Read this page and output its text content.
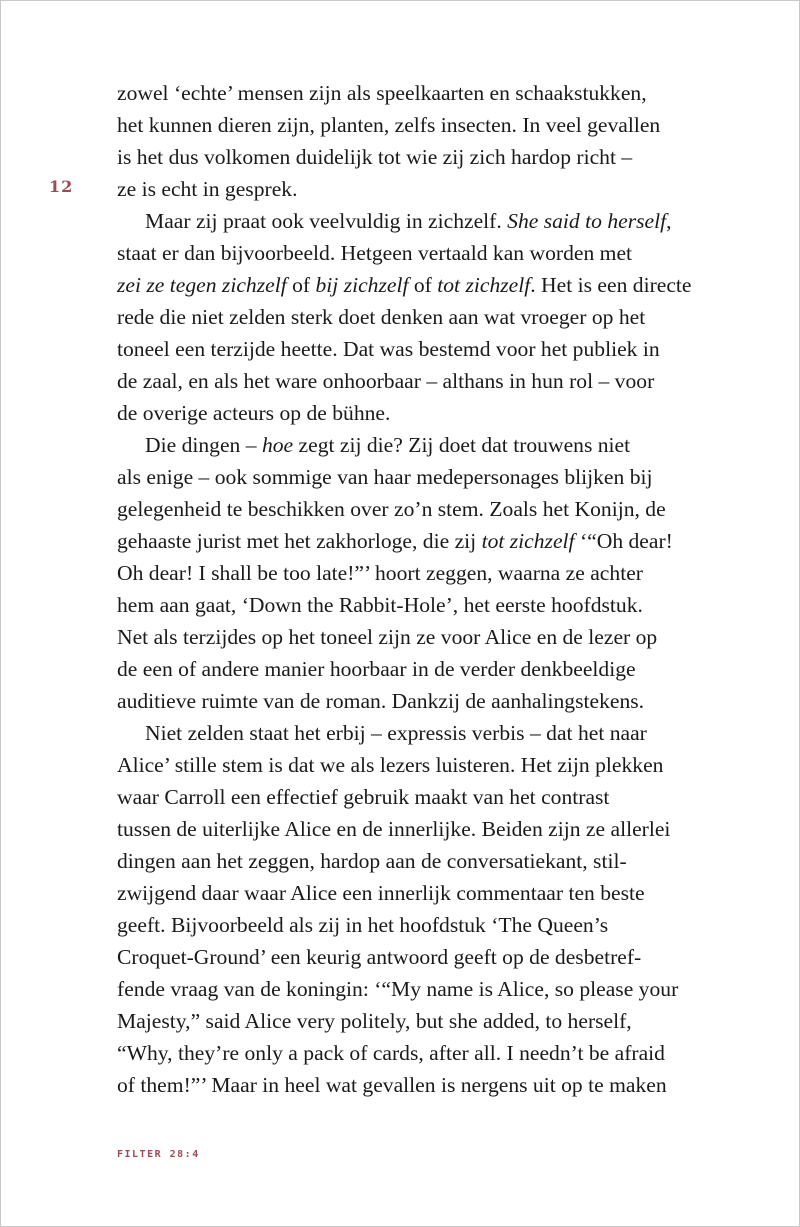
12
zowel ‘echte’ mensen zijn als speelkaarten en schaakstukken,
het kunnen dieren zijn, planten, zelfs insecten. In veel gevallen
is het dus volkomen duidelijk tot wie zij zich hardop richt –
ze is echt in gesprek.
Maar zij praat ook veelvuldig in zichzelf. She said to herself,
staat er dan bijvoorbeeld. Hetgeen vertaald kan worden met
zei ze tegen zichzelf of bij zichzelf of tot zichzelf. Het is een directe
rede die niet zelden sterk doet denken aan wat vroeger op het
toneel een terzijde heette. Dat was bestemd voor het publiek in
de zaal, en als het ware onhoorbaar – althans in hun rol – voor
de overige acteurs op de bühne.
Die dingen – hoe zegt zij die? Zij doet dat trouwens niet
als enige – ook sommige van haar medepersonages blijken bij
gelegenheid te beschikken over zo’n stem. Zoals het Konijn, de
gehaaste jurist met het zakhorloge, die zij tot zichzelf ‘“Oh dear!
Oh dear! I shall be too late!”’ hoort zeggen, waarna ze achter
hem aan gaat, ‘Down the Rabbit-Hole’, het eerste hoofdstuk.
Net als terzijdes op het toneel zijn ze voor Alice en de lezer op
de een of andere manier hoorbaar in de verder denkbeeldige
auditieve ruimte van de roman. Dankzij de aanhalingstekens.
Niet zelden staat het erbij – expressis verbis – dat het naar
Alice’ stille stem is dat we als lezers luisteren. Het zijn plekken
waar Carroll een effectief gebruik maakt van het contrast
tussen de uiterlijke Alice en de innerlijke. Beiden zijn ze allerlei
dingen aan het zeggen, hardop aan de conversatiekant, stil-
zwijgend daar waar Alice een innerlijk commentaar ten beste
geeft. Bijvoorbeeld als zij in het hoofdstuk ‘The Queen’s
Croquet-Ground’ een keurig antwoord geeft op de desbetref-
fende vraag van de koningin: ‘“My name is Alice, so please your
Majesty,” said Alice very politely, but she added, to herself,
“Why, they’re only a pack of cards, after all. I needn’t be afraid
of them!”’ Maar in heel wat gevallen is nergens uit op te maken
FILTER 28:4
